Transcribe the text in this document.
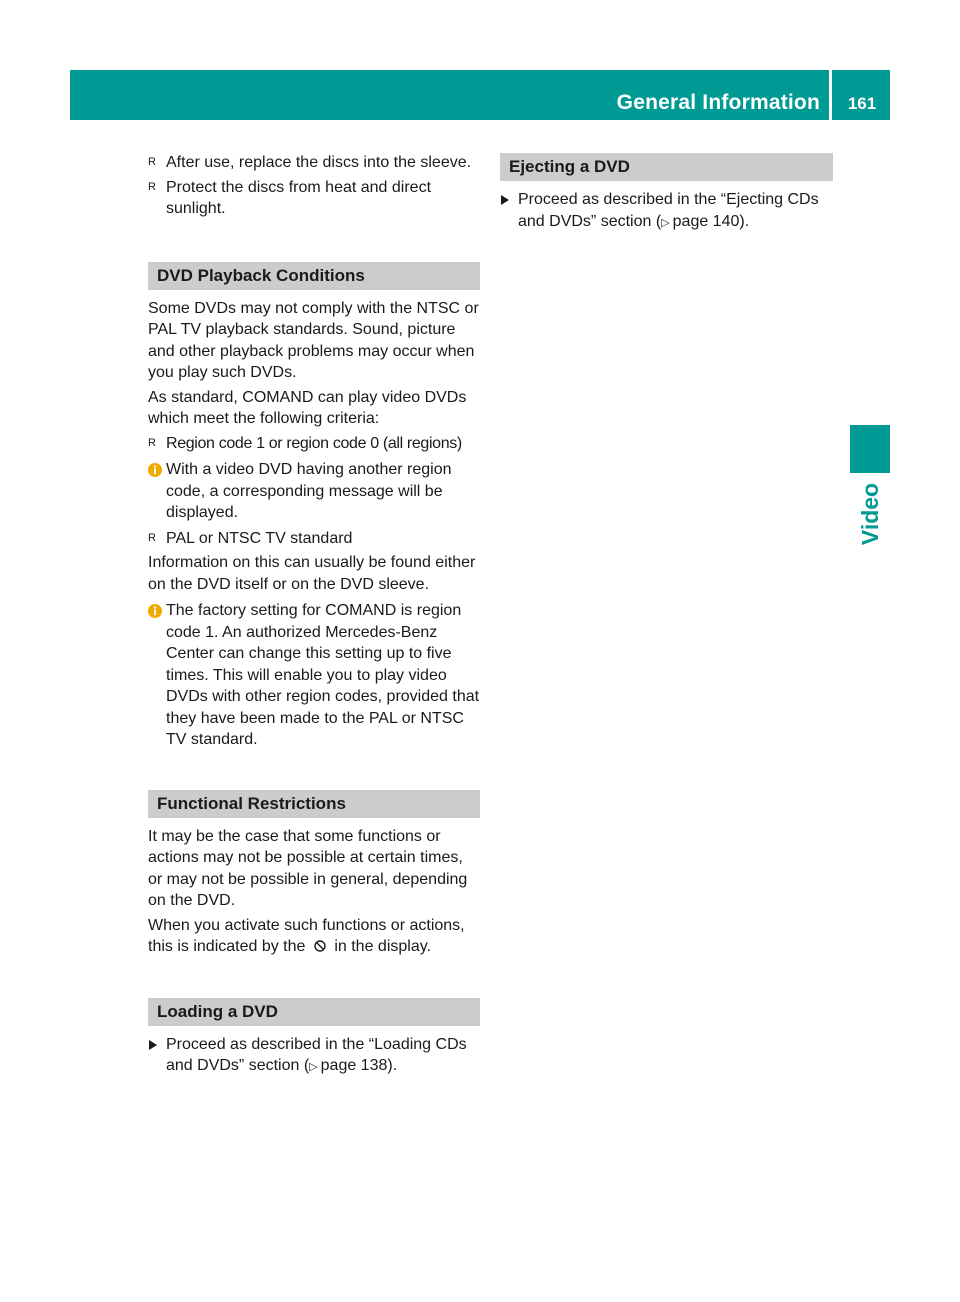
General Information	161
Video
R After use, replace the discs into the sleeve.
R Protect the discs from heat and direct sunlight.
DVD Playback Conditions

Some DVDs may not comply with the NTSC or PAL TV playback standards. Sound, picture and other playback problems may occur when you play such DVDs.

As standard, COMAND can play video DVDs which meet the following criteria:

R Region code 1 or region code 0 (all regions)
With a video DVD having another region code, a corresponding message will be displayed.
R PAL or NTSC TV standard

Information on this can usually be found either on the DVD itself or on the DVD sleeve.

The factory setting for COMAND is region code 1. An authorized Mercedes-Benz Center can change this setting up to five times. This will enable you to play video DVDs with other region codes, provided that they have been made to the PAL or NTSC TV standard.
Functional Restrictions

It may be the case that some functions or actions may not be possible at certain times, or may not be possible in general, depending on the DVD.

When you activate such functions or actions, this is indicated by the in the display.

Loading a DVD
Proceed as described in the “Loading CDs and DVDs” section (▷ page 138).
Ejecting a DVD
Proceed as described in the “Ejecting CDs and DVDs” section (▷ page 140).
